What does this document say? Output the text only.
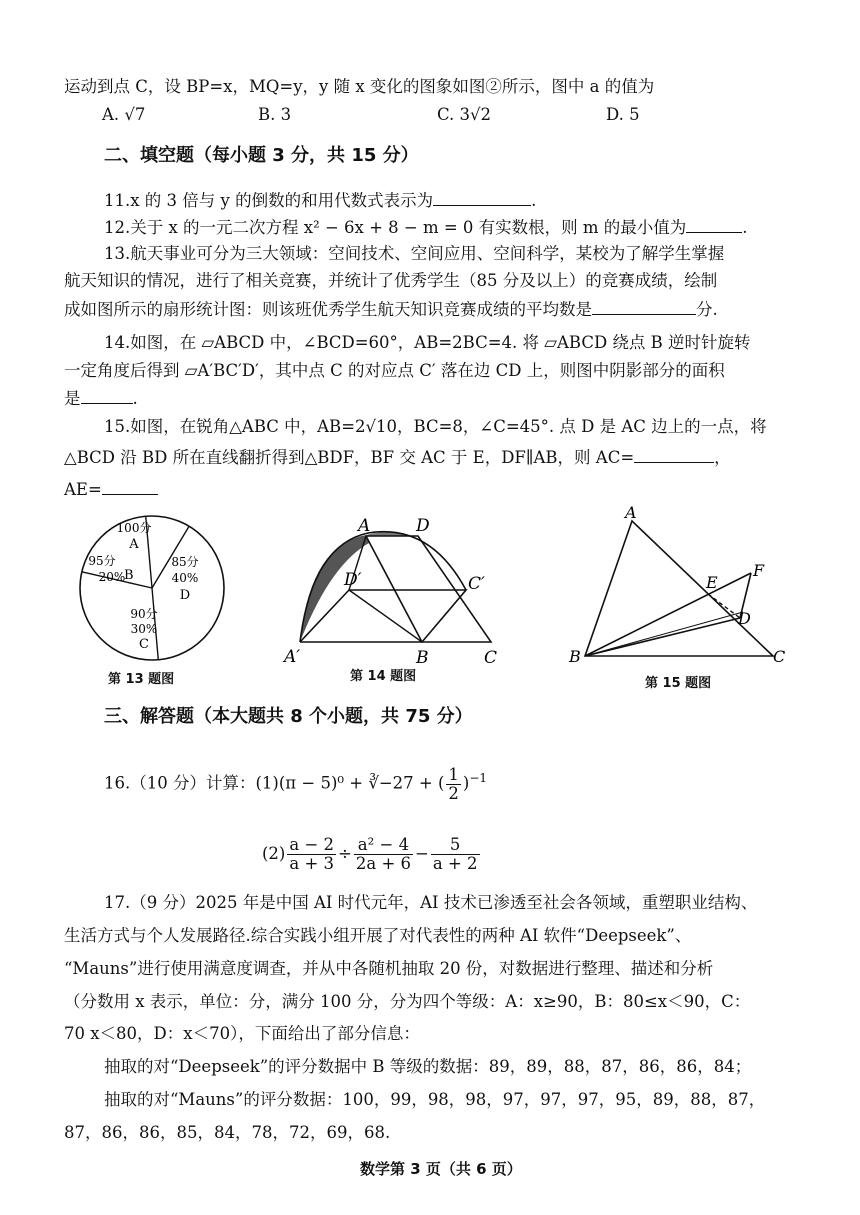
运动到点 C，设 BP=x，MQ=y，y 随 x 变化的图象如图②所示，图中 a 的值为
A. √7	B. 3	C. 3√2	D. 5
二、填空题（每小题 3 分，共 15 分）
11.x 的 3 倍与 y 的倒数的和用代数式表示为	.
12.关于 x 的一元二次方程 x² − 6x + 8 − m = 0 有实数根，则 m 的最小值为	.
13.航天事业可分为三大领域：空间技术、空间应用、空间科学，某校为了解学生掌握
航天知识的情况，进行了相关竞赛，并统计了优秀学生（85 分及以上）的竞赛成绩，绘制
成如图所示的扇形统计图：则该班优秀学生航天知识竞赛成绩的平均数是	分.
14.如图，在 ▱ABCD 中，∠BCD=60°，AB=2BC=4. 将 ▱ABCD 绕点 B 逆时针旋转
一定角度后得到 ▱A′BC′D′，其中点 C 的对应点 C′ 落在边 CD 上，则图中阴影部分的面积
是	.
15.如图，在锐角△ABC 中，AB=2√10，BC=8，∠C=45°. 点 D 是 AC 边上的一点，将
△BCD 沿 BD 所在直线翻折得到△BDF，BF 交 AC 于 E，DF∥AB，则 AC=	，
AE=
100分
A
95分
20%
B
85分
40%
D
90分
30%
C
第 13 题图
A	D
D′	C′
A′	B	C
第 14 题图
A
F
E
D
B	C
第 15 题图
三、解答题（本大题共 8 个小题，共 75 分）
16.（10 分）计算：(1)(π − 5)⁰ + ∛−27 + ( $\frac{1}{2} )^{-1}$
$(2) \frac{a - 2}{a + 3} \div \frac{\text{a² − 4}}{2a + 6} - \frac{5}{a + 2}$
17.（9 分）2025 年是中国 AI 时代元年，AI 技术已渗透至社会各领域，重塑职业结构、
生活方式与个人发展路径.综合实践小组开展了对代表性的两种 AI 软件“Deepseek”、
“Mauns”进行使用满意度调查，并从中各随机抽取 20 份，对数据进行整理、描述和分析
（分数用 x 表示，单位：分，满分 100 分，分为四个等级：A：x≥90，B：80≤x＜90，C：
70 x＜80，D：x＜70），下面给出了部分信息：
抽取的对“Deepseek”的评分数据中 B 等级的数据：89，89，88，87，86，86，84；
抽取的对“Mauns”的评分数据：100，99，98，98，97，97，97，95，89，88，87，
87，86，86，85，84，78，72，69，68.
数学第 3 页（共 6 页）
